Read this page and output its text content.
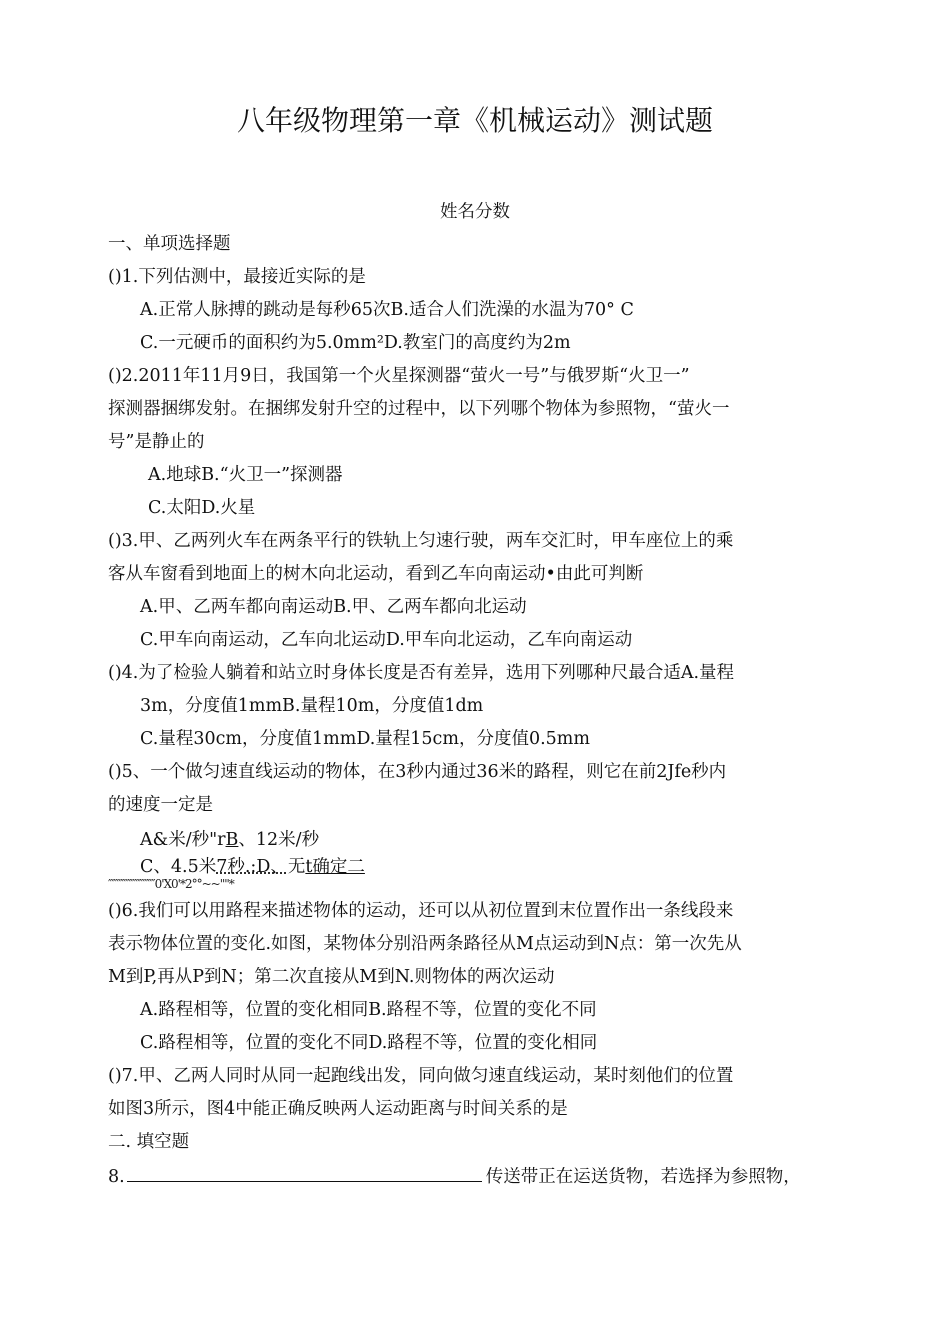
八年级物理第一章《机械运动》测试题
姓名分数
一、单项选择题
()1.下列估测中，最接近实际的是
A.正常人脉搏的跳动是每秒65次B.适合人们洗澡的水温为70° C
C.一元硬币的面积约为5.0mm²D.教室门的高度约为2m
()2.2011年11月9日，我国第一个火星探测器“萤火一号”与俄罗斯“火卫一”
探测器捆绑发射。在捆绑发射升空的过程中，以下列哪个物体为参照物，“萤火一
号”是静止的
A.地球B.“火卫一”探测器
C.太阳D.火星
()3.甲、乙两列火车在两条平行的铁轨上匀速行驶，两车交汇时，甲车座位上的乘
客从车窗看到地面上的树木向北运动，看到乙车向南运动•由此可判断
A.甲、乙两车都向南运动B.甲、乙两车都向北运动
C.甲车向南运动，乙车向北运动D.甲车向北运动，乙车向南运动
()4.为了检验人躺着和站立时身体长度是否有差异，选用下列哪种尺最合适A.量程
3m，分度值1mmB.量程10m，分度值1dm
C.量程30cm，分度值1mmD.量程15cm，分度值0.5mm
()5、一个做匀速直线运动的物体，在3秒内通过36米的路程，则它在前2Jfe秒内
的速度一定是
A&米/秒"rB、12米/秒
C、4.5米7秒.:D、无t确定二
′′′′′′′′′′′′′′′′′′′′′′′′′′′0'X0'*2°°~~""*
()6.我们可以用路程来描述物体的运动，还可以从初位置到末位置作出一条线段来
表示物体位置的变化.如图，某物体分别沿两条路径从M点运动到N点：第一次先从
M到P,再从P到N；第二次直接从M到N.则物体的两次运动
A.路程相等，位置的变化相同B.路程不等，位置的变化不同
C.路程相等，位置的变化不同D.路程不等，位置的变化相同
()7.甲、乙两人同时从同一起跑线出发，同向做匀速直线运动，某时刻他们的位置
如图3所示，图4中能正确反映两人运动距离与时间关系的是
二. 填空题
8.	传送带正在运送货物，若选择为参照物，
